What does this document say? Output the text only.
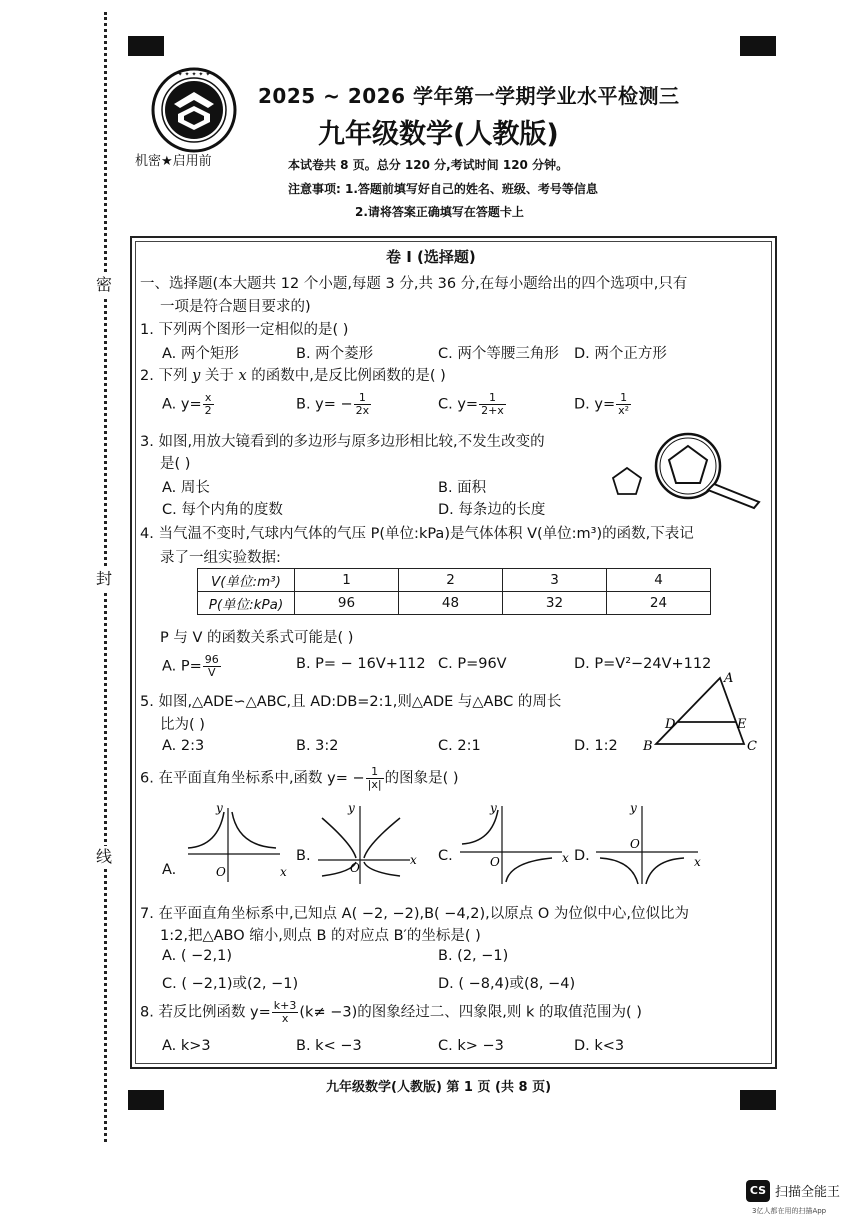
密
封
线
✦ ✦ ✦ ✦ ✦
机密★启用前
2025 ~ 2026 学年第一学期学业水平检测三
九年级数学(人教版)
本试卷共 8 页。总分 120 分,考试时间 120 分钟。
注意事项: 1.答题前填写好自己的姓名、班级、考号等信息
2.请将答案正确填写在答题卡上
卷 I (选择题)
一、选择题(本大题共 12 个小题,每题 3 分,共 36 分,在每小题给出的四个选项中,只有
一项是符合题目要求的)
1. 下列两个图形一定相似的是( )
A. 两个矩形	B. 两个菱形	C. 两个等腰三角形 D. 两个正方形
2. 下列 y 关于 x 的函数中,是反比例函数的是( )
A. $y= \frac{x}{2}$	B. $y= - \frac{1}{2x}$	C. $y= \frac{1}{2+x}$	D. $y= \frac{1}{\text{x²}}$
3. 如图,用放大镜看到的多边形与原多边形相比较,不发生改变的
是( )
A. 周长	B. 面积
C. 每个内角的度数	D. 每条边的长度
4. 当气温不变时,气球内气体的气压 P(单位:kPa)是气体体积 V(单位:m³)的函数,下表记
录了一组实验数据:
V(单位:m³)	1	2	3	4
P(单位:kPa)	96	48	32	24
P 与 V 的函数关系式可能是( )
A. $P= \frac{96}{V}$	B. P= − 16V+112 C. P=96V	D. P=V²−24V+112
5. 如图,△ADE∽△ABC,且 AD:DB=2:1,则△ADE 与△ABC 的周长
比为( )
A. 2:3	B. 3:2	C. 2:1	D. 1:2
A
B	C
D	E
6. 在平面直角坐标系中,函数 $y= - \frac{1}{|x|}$ 的图象是( )
A.
y
x
O
B.
y
x
O
C.
y
x
O	D.
y
x
O
7. 在平面直角坐标系中,已知点 A( −2, −2),B( −4,2),以原点 O 为位似中心,位似比为
1:2,把△ABO 缩小,则点 B 的对应点 B′的坐标是( )
A. ( −2,1)	B. (2, −1)
C. ( −2,1)或(2, −1)	D. ( −8,4)或(8, −4)
8. 若反比例函数 $y= \frac{k+3}{x} (k\ne -3)$的图象经过二、四象限,则 k 的取值范围为( )
A. k>3	B. k< −3	C. k> −3	D. k<3
九年级数学(人教版) 第 1 页 (共 8 页)
CS 扫描全能王
3亿人都在用的扫描App
